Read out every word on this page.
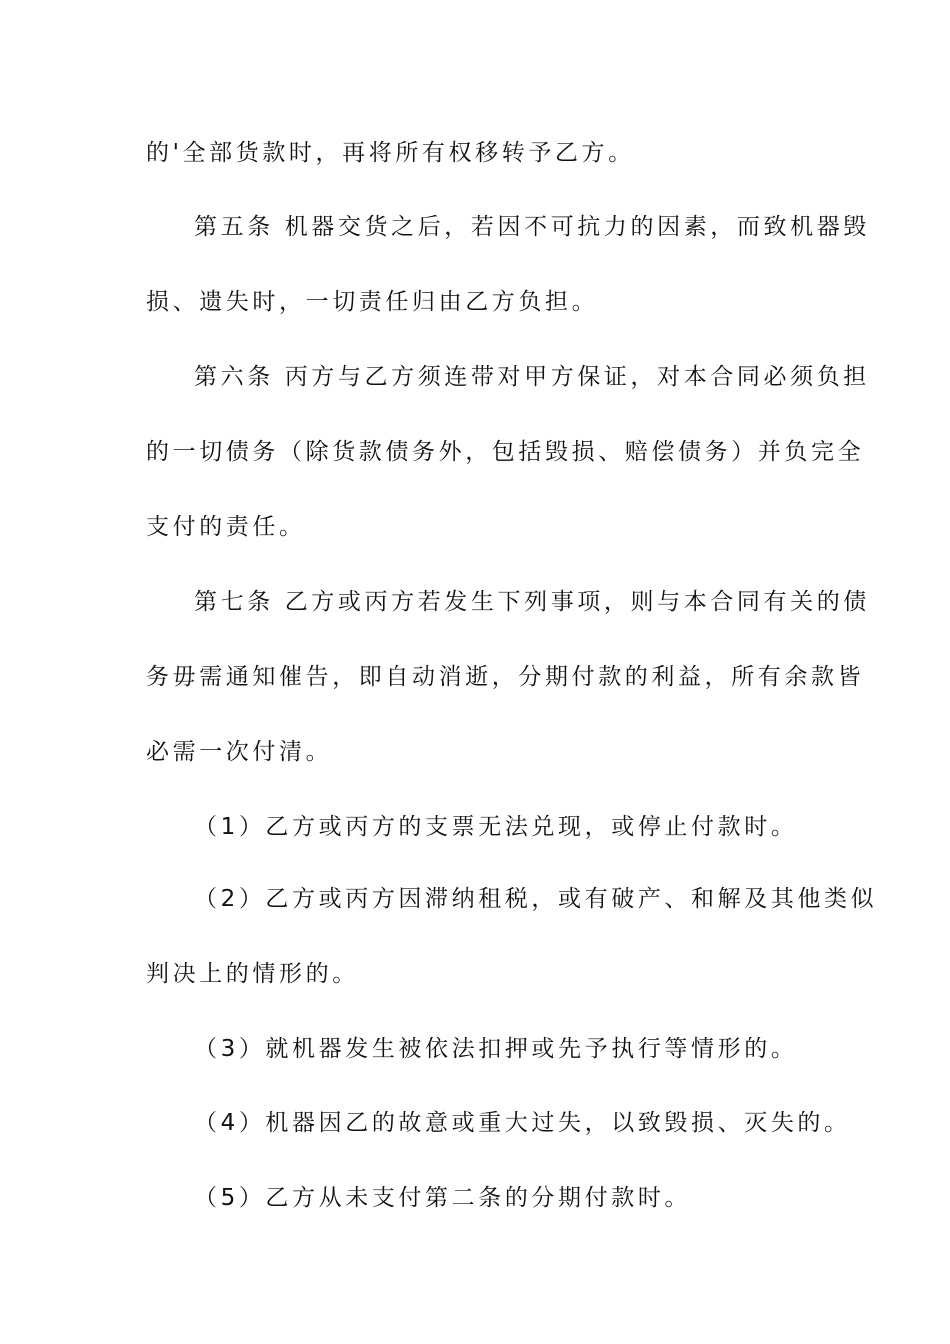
的'全部货款时，再将所有权移转予乙方。
第五条 机器交货之后，若因不可抗力的因素，而致机器毁
损、遗失时，一切责任归由乙方负担。
第六条 丙方与乙方须连带对甲方保证，对本合同必须负担
的一切债务（除货款债务外，包括毁损、赔偿债务）并负完全
支付的责任。
第七条 乙方或丙方若发生下列事项，则与本合同有关的债
务毋需通知催告，即自动消逝，分期付款的利益，所有余款皆
必需一次付清。
（1）乙方或丙方的支票无法兑现，或停止付款时。
（2）乙方或丙方因滞纳租税，或有破产、和解及其他类似
判决上的情形的。
（3）就机器发生被依法扣押或先予执行等情形的。
（4）机器因乙的故意或重大过失，以致毁损、灭失的。
（5）乙方从未支付第二条的分期付款时。
